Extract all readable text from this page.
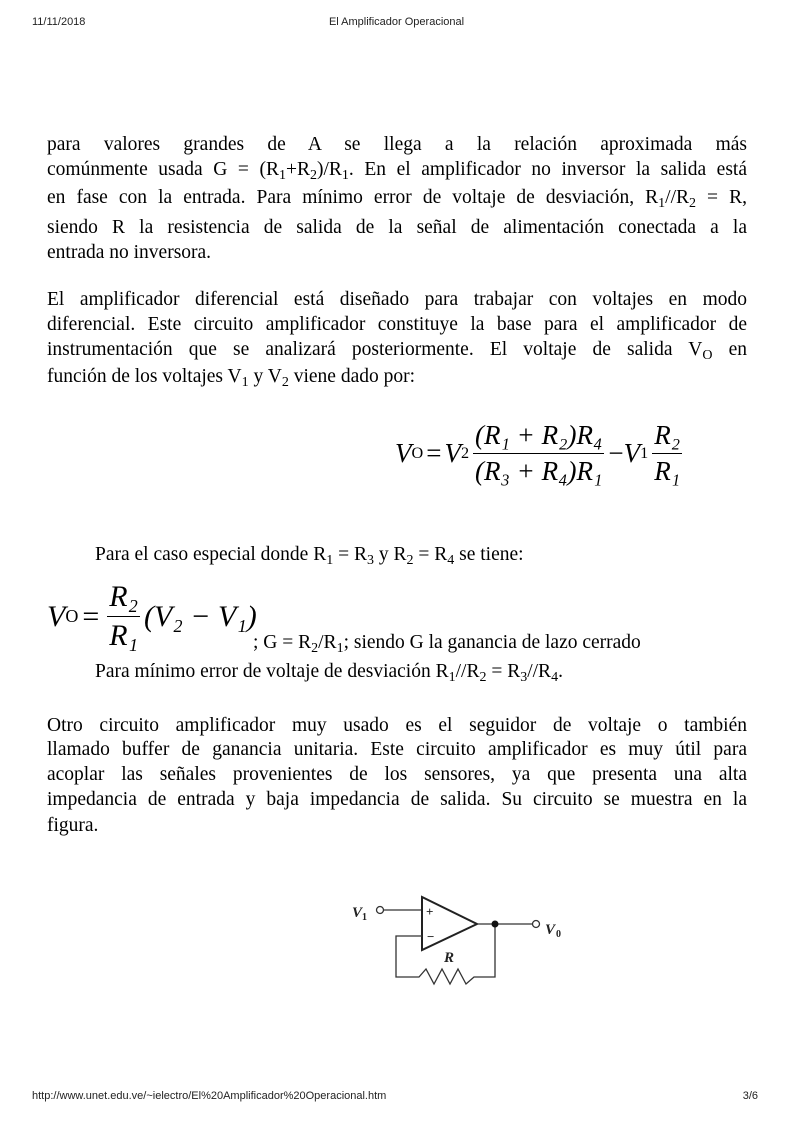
11/11/2018	El Amplificador Operacional
para valores grandes de A se llega a la relación aproximada más
comúnmente usada $G = (R_1+R_2)/R_1$. En el amplificador no inversor la salida está
en fase con la entrada. Para mínimo error de voltaje de desviación, $R_1//R_2 = R$,
siendo R la resistencia de salida de la señal de alimentación conectada a la
entrada no inversora.
El amplificador diferencial está diseñado para trabajar con voltajes en modo
diferencial. Este circuito amplificador constituye la base para el amplificador de
instrumentación que se analizará posteriormente. El voltaje de salida $V_O$ en
función de los voltajes $V_1$ y $V_2$ viene dado por:
V O = V $2 \frac{\text{(R₁ + R₂)R₄}}{\text{(R₃ + R₄)R₁}} - V$ $1 \frac{\text{R₂}}{\text{R₁}}$
Para el caso especial donde $R_1 = R_3$ y $R_2 = R_4$ se tiene:
V $O = \frac{\text{R₂}}{\text{R₁}} (V_2 - V_1)$
; $G = R_2/R_1$; siendo G la ganancia de lazo cerrado
Para mínimo error de voltaje de desviación $R_1//R_2 = R_3//R_4$.
Otro circuito amplificador muy usado es el seguidor de voltaje o también
llamado buffer de ganancia unitaria. Este circuito amplificador es muy útil para
acoplar las señales provenientes de los sensores, ya que presenta una alta
impedancia de entrada y baja impedancia de salida. Su circuito se muestra en la
figura.
V 1
V 0
R
+
−
http://www.unet.edu.ve/~ielectro/El%20Amplificador%20Operacional.htm	3/6
